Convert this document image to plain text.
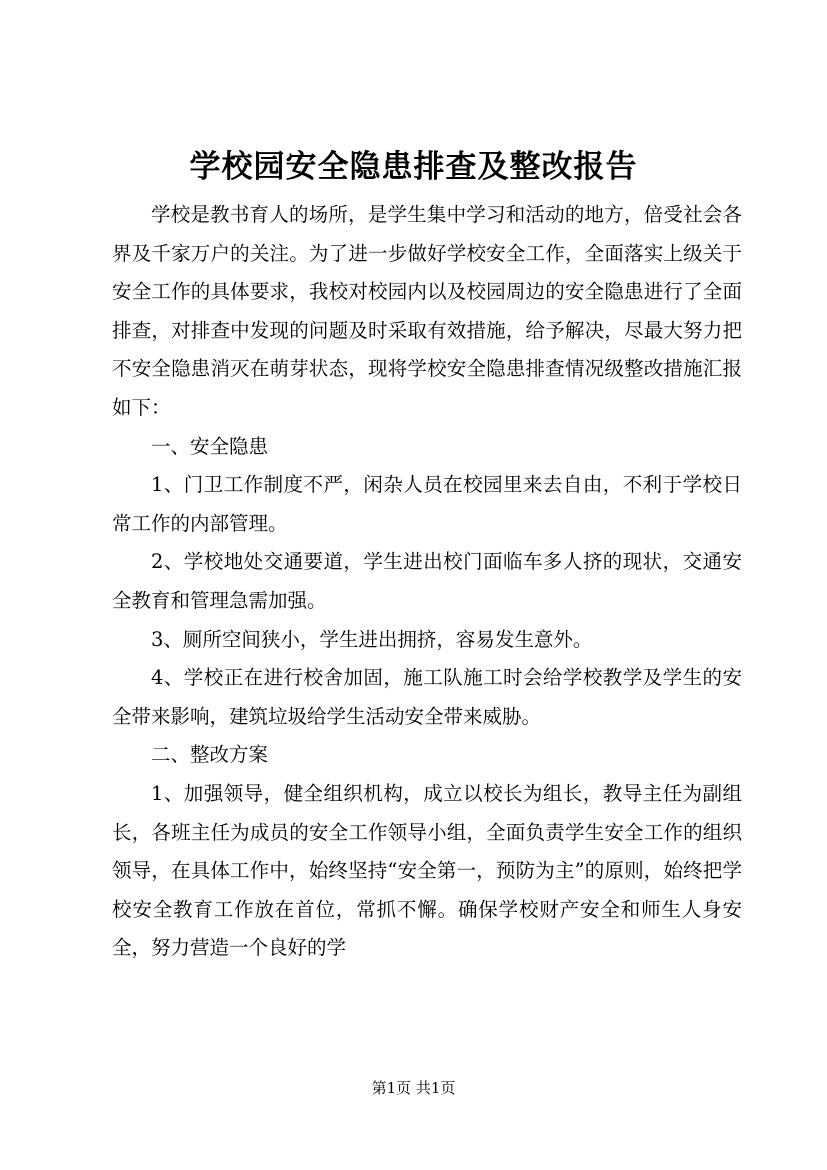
学校园安全隐患排查及整改报告

学校是教书育人的场所，是学生集中学习和活动的地方，倍受社会各界及千家万户的关注。为了进一步做好学校安全工作，全面落实上级关于安全工作的具体要求，我校对校园内以及校园周边的安全隐患进行了全面排查，对排查中发现的问题及时采取有效措施，给予解决，尽最大努力把不安全隐患消灭在萌芽状态，现将学校安全隐患排查情况级整改措施汇报如下：

一、安全隐患

1、门卫工作制度不严，闲杂人员在校园里来去自由，不利于学校日常工作的内部管理。

2、学校地处交通要道，学生进出校门面临车多人挤的现状，交通安全教育和管理急需加强。

3、厕所空间狭小，学生进出拥挤，容易发生意外。

4、学校正在进行校舍加固，施工队施工时会给学校教学及学生的安全带来影响，建筑垃圾给学生活动安全带来威胁。

二、整改方案

1、加强领导，健全组织机构，成立以校长为组长，教导主任为副组长，各班主任为成员的安全工作领导小组，全面负责学生安全工作的组织领导，在具体工作中，始终坚持“安全第一，预防为主”的原则，始终把学校安全教育工作放在首位，常抓不懈。确保学校财产安全和师生人身安全，努力营造一个良好的学

第1页 共1页
